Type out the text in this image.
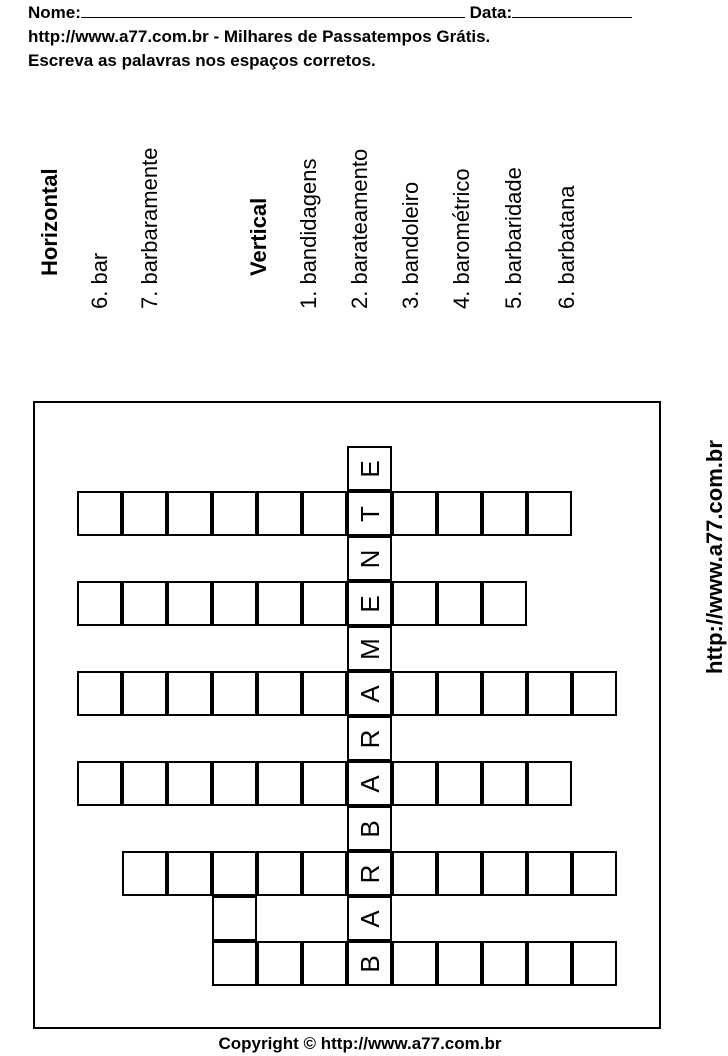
Nome:	Data:
http://www.a77.com.br - Milhares de Passatempos Grátis.
Escreva as palavras nos espaços corretos.
Horizontal
6. bar 7. barbaramente	Vertical 1. bandidagens 2. barateamento 3. bandoleiro 4. barométrico 5. barbaridade 6. barbatana
E
T
N
E
M
A
R
A
B
R
A
B
http://www.a77.com.br
Copyright © http://www.a77.com.br
